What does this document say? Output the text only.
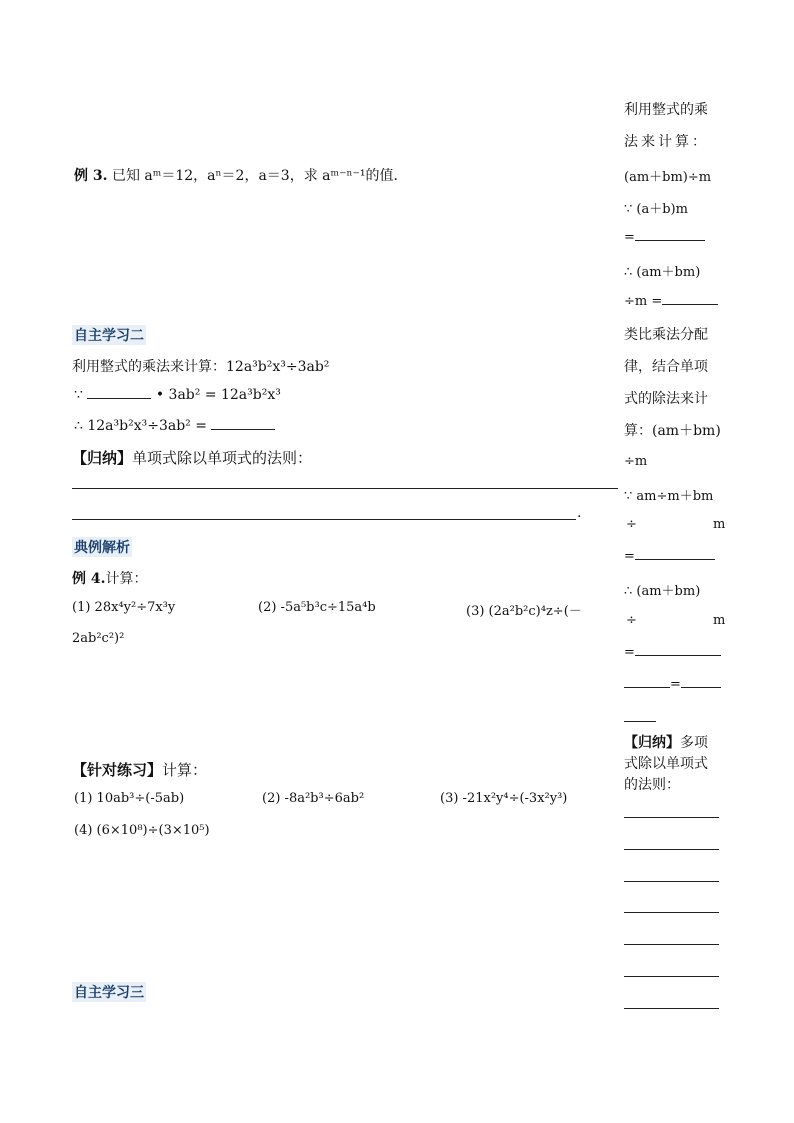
例 3. 已知 aᵐ＝12，aⁿ＝2，a＝3，求 aᵐ⁻ⁿ⁻¹的值．
自主学习二
利用整式的乘法来计算：12a³b²x³÷3ab²
∵	• 3ab² = 12a³b²x³
∴ 12a³b²x³÷3ab² =
【归纳】单项式除以单项式的法则：
.
典例解析
例 4.计算：
(1) 28x⁴y²÷7x³y	(2) -5a⁵b³c÷15a⁴b	(3) (2a²b²c)⁴z÷(－
2ab²c²)²
【针对练习】计算：
(1) 10ab³÷(-5ab)	(2) -8a²b³÷6ab²	(3) -21x²y⁴÷(-3x²y³)
(4) (6×10⁸)÷(3×10⁵)
自主学习三
利用整式的乘
法来计算：
(am＋bm)÷m
∵ (a＋b)m
=
∴ (am＋bm)
÷m =
类比乘法分配
律，结合单项
式的除法来计
算：(am＋bm)
÷m
∵ am÷m＋bm
÷	m
=
∴ (am＋bm)
÷	m
=
=
【归纳】多项
式除以单项式
的法则：
